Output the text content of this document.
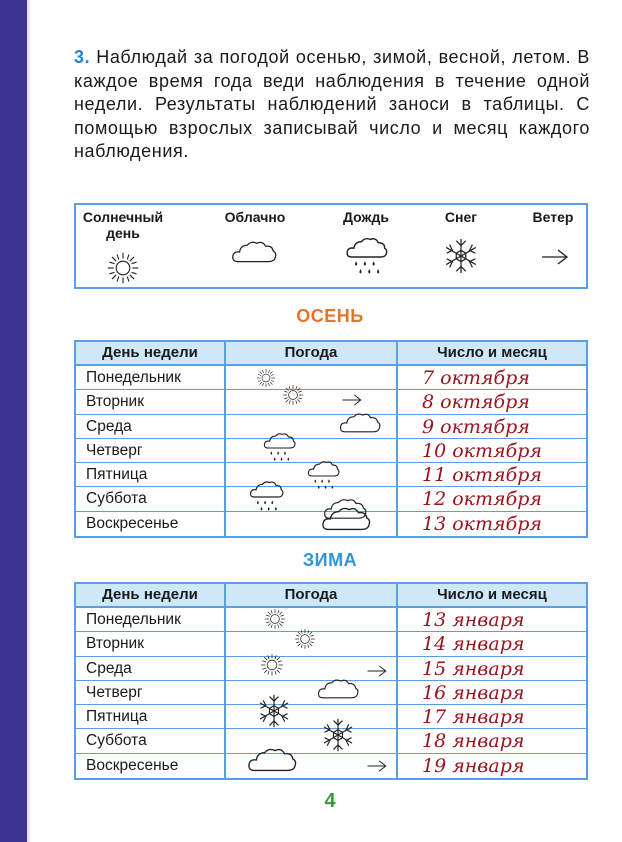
3. Наблюдай за погодой осенью, зимой, весной, летом. В каждое время года веди наблюдения в течение одной недели. Результаты наблюдений заноси в таблицы. С помощью взрослых записывай число и месяц каждого наблюдения.
Солнечный день
Облачно	Дождь	Снег	Ветер
ОСЕНЬ
День недели	Погода	Число и месяц
Понедельник	7 октября
Вторник	8 октября
Среда	9 октября
Четверг	10 октября
Пятница	11 октября
Суббота	12 октября
Воскресенье	13 октября
ЗИМА
День недели	Погода	Число и месяц
Понедельник	13 января
Вторник	14 января
Среда	15 января
Четверг	16 января
Пятница	17 января
Суббота	18 января
Воскресенье	19 января
4
